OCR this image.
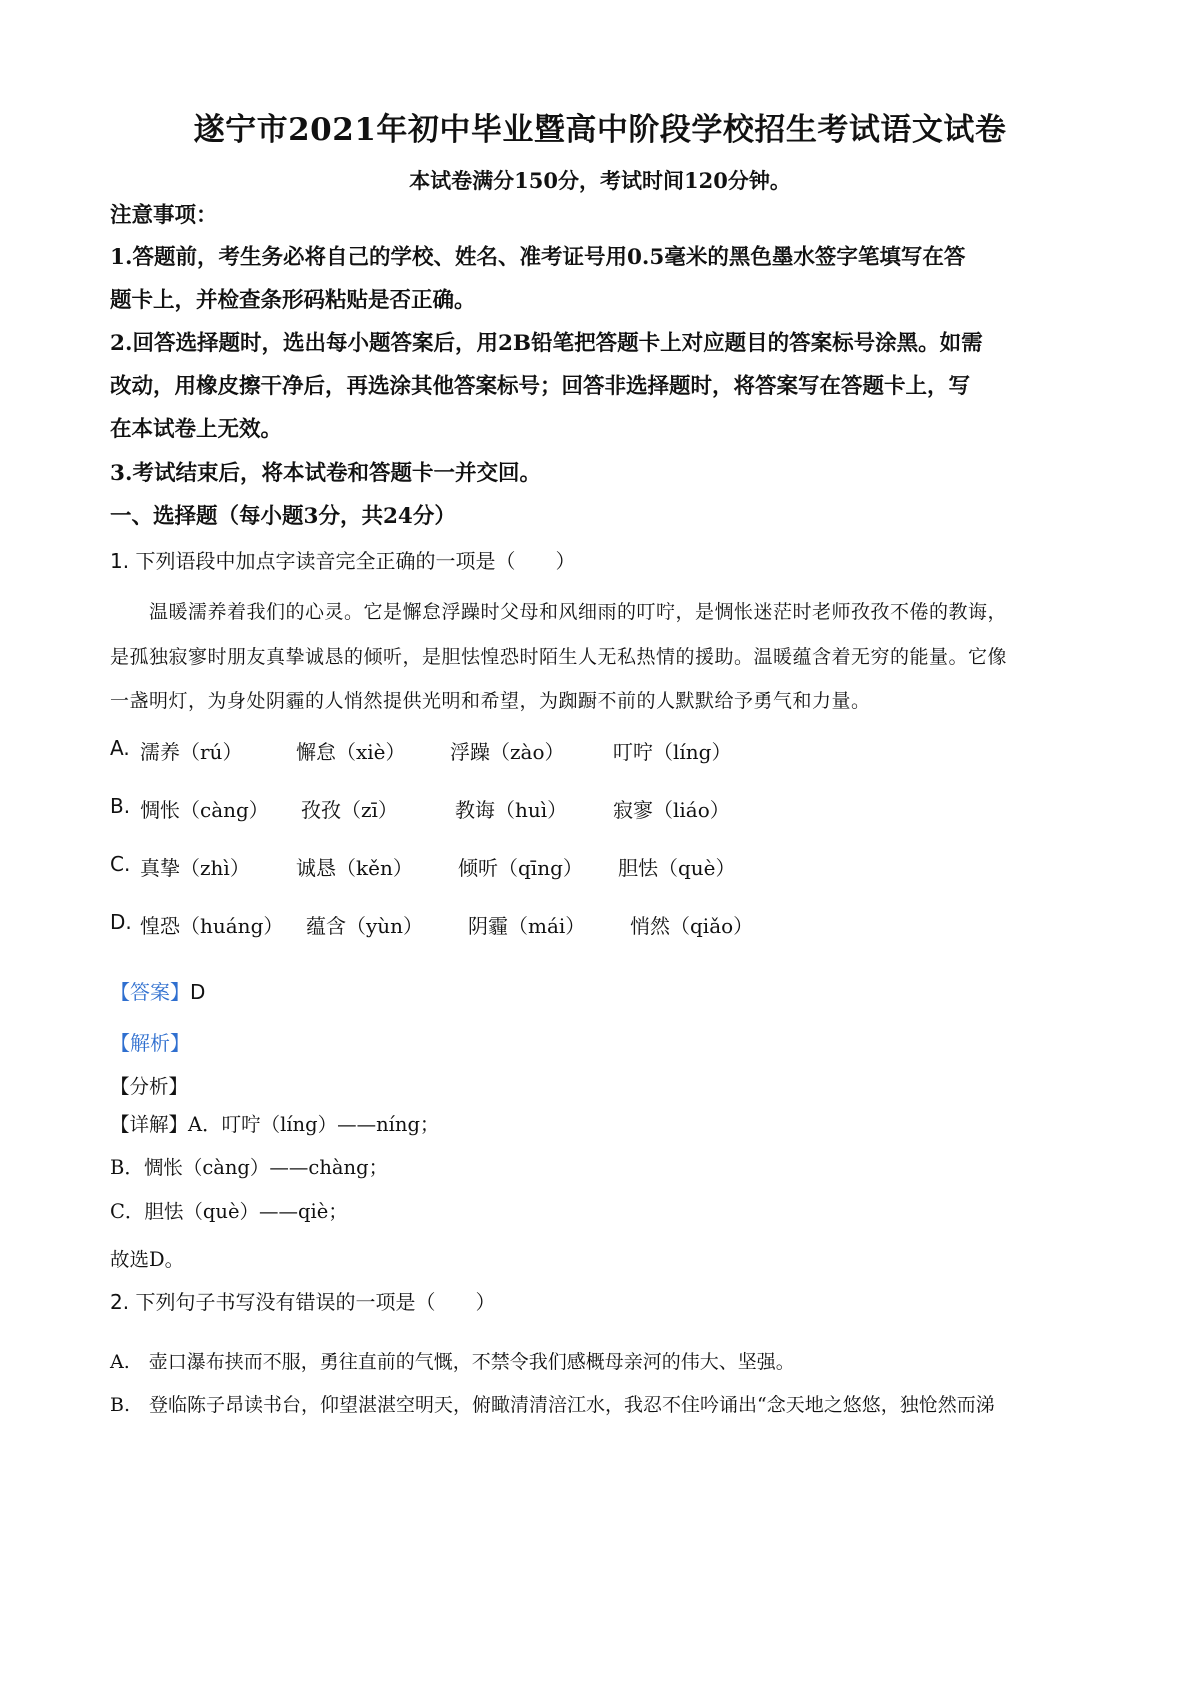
遂宁市2021年初中毕业暨高中阶段学校招生考试语文试卷
本试卷满分150分，考试时间120分钟。
注意事项：
1.答题前，考生务必将自己的学校、姓名、准考证号用0.5毫米的黑色墨水签字笔填写在答
题卡上，并检查条形码粘贴是否正确。
2.回答选择题时，选出每小题答案后，用2B铅笔把答题卡上对应题目的答案标号涂黑。如需
改动，用橡皮擦干净后，再选涂其他答案标号；回答非选择题时，将答案写在答题卡上，写
在本试卷上无效。
3.考试结束后，将本试卷和答题卡一并交回。
一、选择题（每小题3分，共24分）
1. 下列语段中加点字读音完全正确的一项是（　　）
　　温暖濡养着我们的心灵。它是懈怠浮躁时父母和风细雨的叮咛，是惆怅迷茫时老师孜孜不倦的教诲，
是孤独寂寥时朋友真挚诚恳的倾听，是胆怯惶恐时陌生人无私热情的援助。温暖蕴含着无穷的能量。它像
一盏明灯，为身处阴霾的人悄然提供光明和希望，为踟蹰不前的人默默给予勇气和力量。
A. 濡养（rú）	懈怠（xiè） 浮躁（zào） 叮咛（líng）
B. 惆怅（càng） 孜孜（zī）	教诲（huì） 寂寥（liáo）
C. 真挚（zhì） 诚恳（kěn） 倾听（qīng） 胆怯（què）
D. 惶恐（huáng） 蕴含（yùn） 阴霾（mái） 悄然（qiǎo）
【答案】D
【解析】
【分析】
【详解】A．叮咛（líng）——níng；
B．惆怅（càng）——chàng；
C．胆怯（què）——qiè；
故选D。
2. 下列句子书写没有错误的一项是（　　）
A.　壶口瀑布挟而不服，勇往直前的气慨，不禁令我们感概母亲河的伟大、坚强。
B.　登临陈子昂读书台，仰望湛湛空明天，俯瞰清清涪江水，我忍不住吟诵出“念天地之悠悠，独怆然而涕
